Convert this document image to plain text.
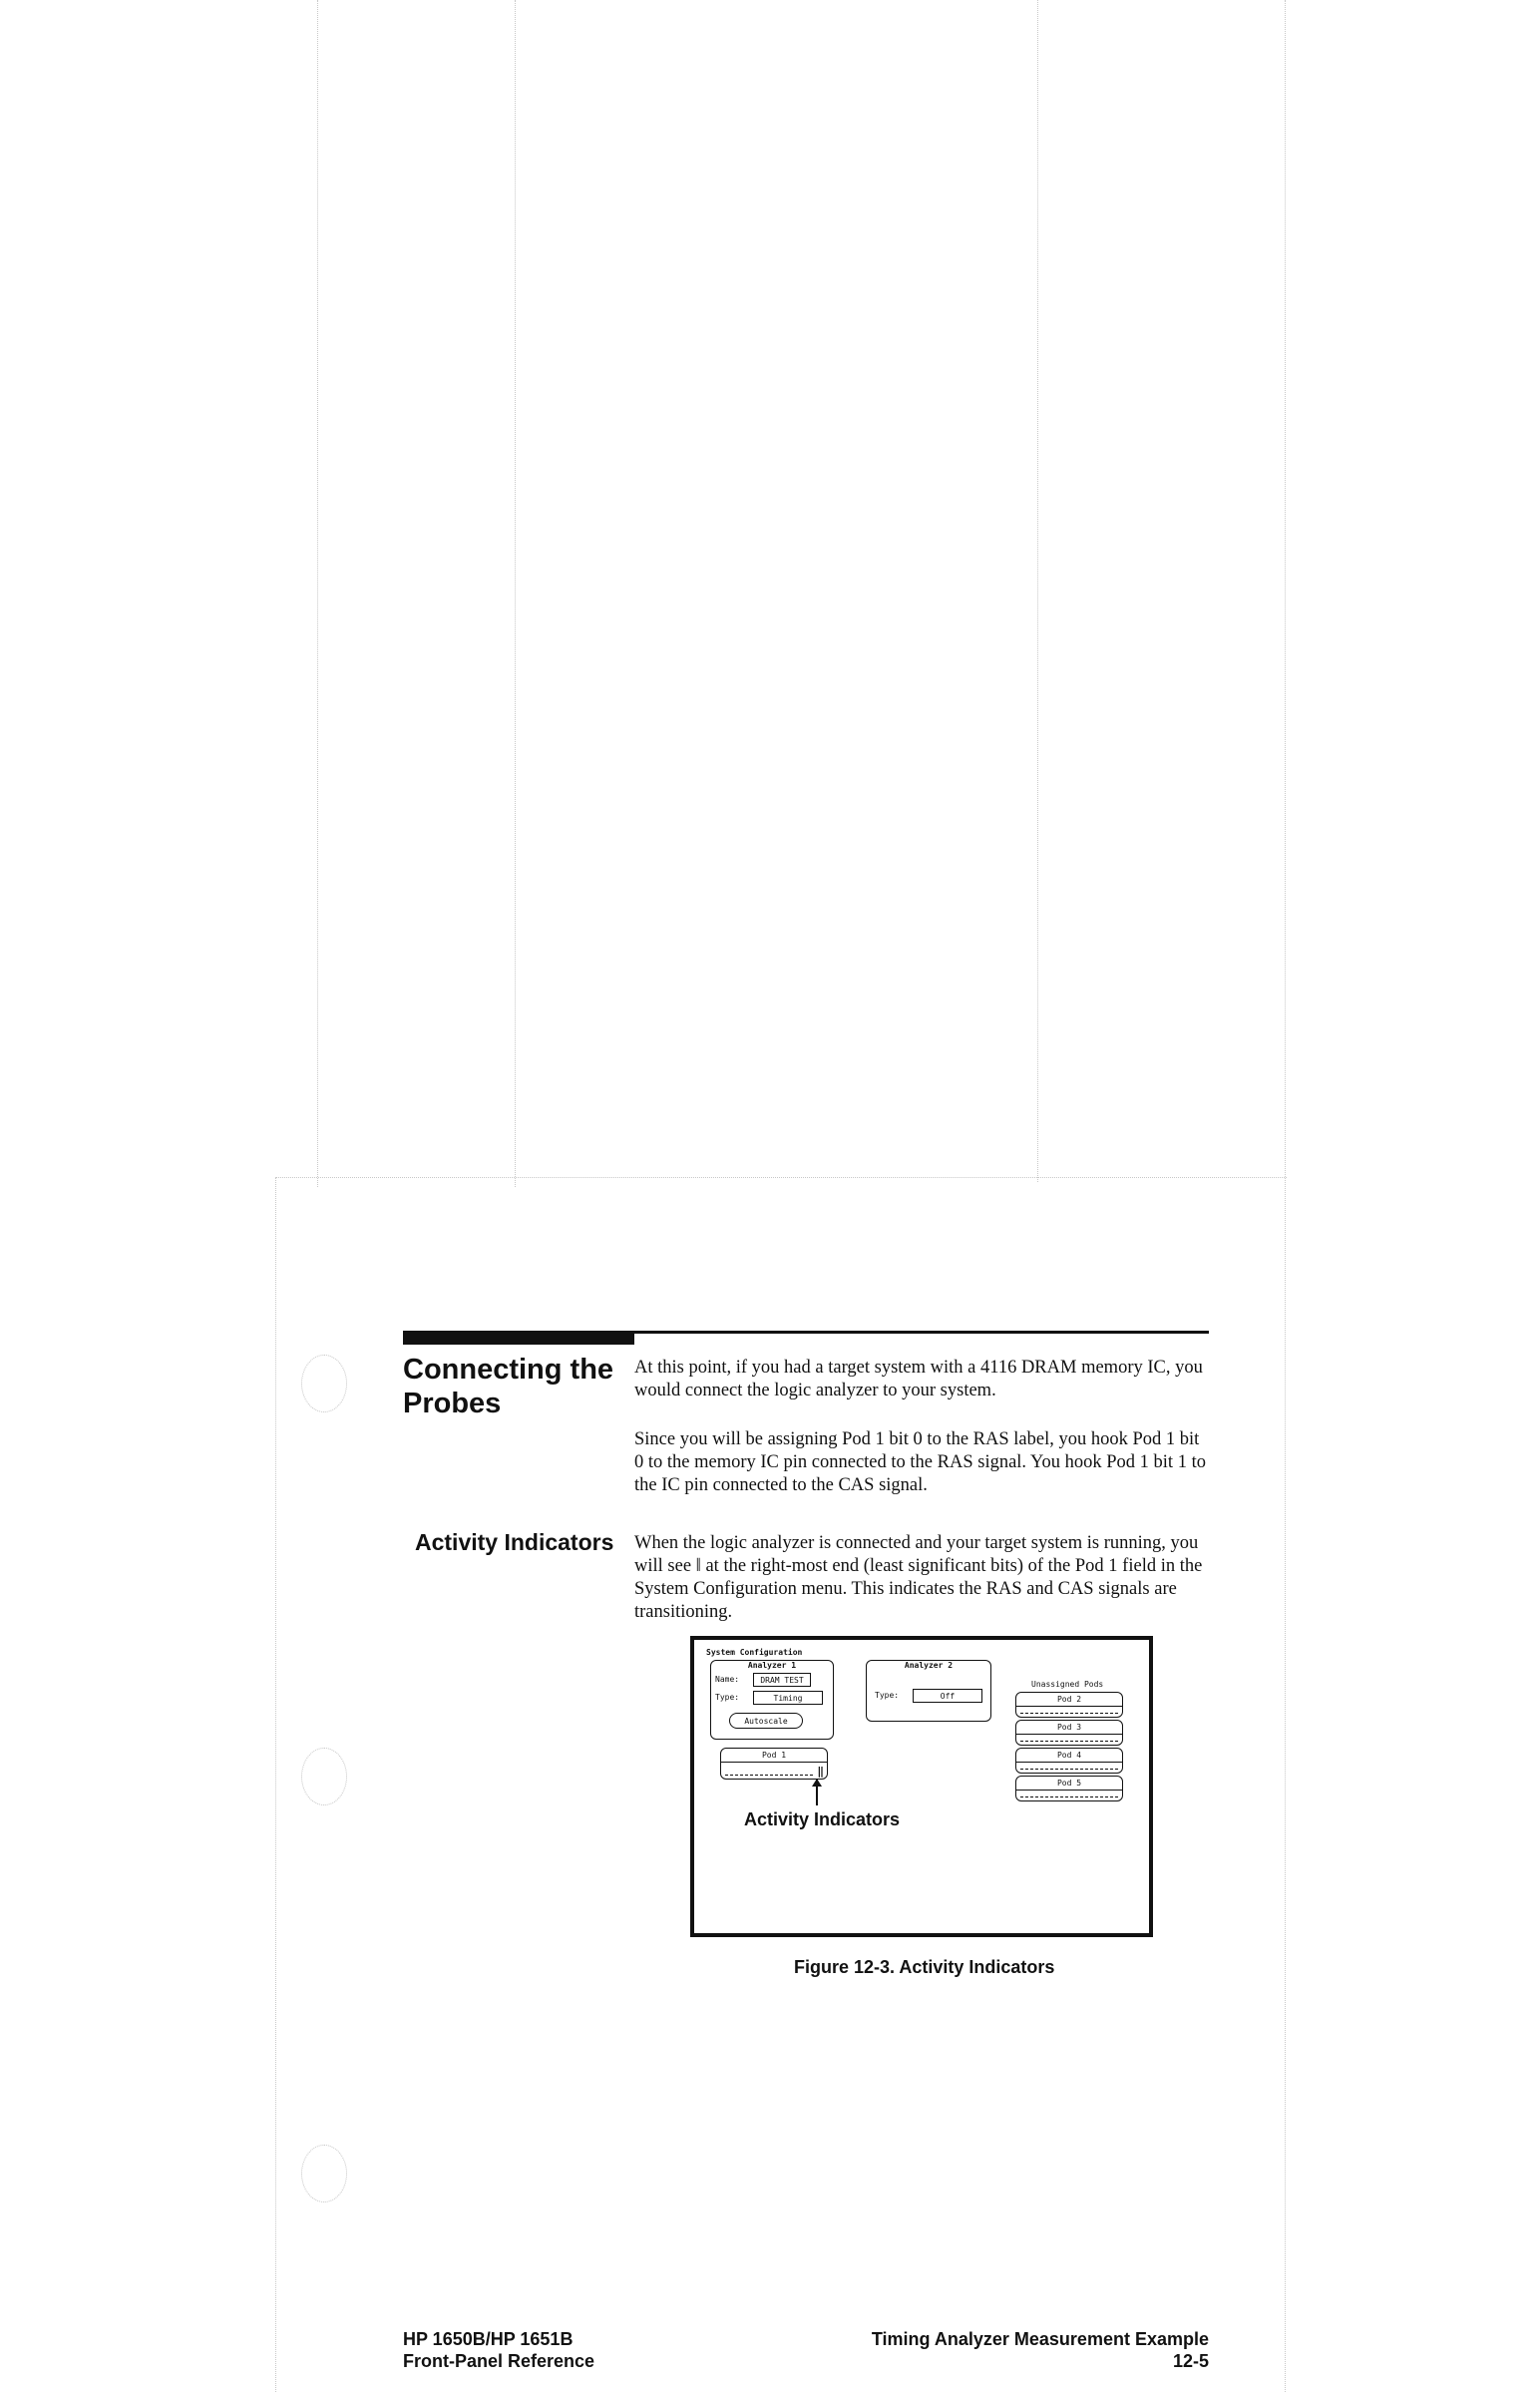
Connecting the
Probes

At this point, if you had a target system with a 4116 DRAM memory IC, you would connect the logic analyzer to your system.

Since you will be assigning Pod 1 bit 0 to the RAS label, you hook Pod 1 bit 0 to the memory IC pin connected to the RAS signal. You hook Pod 1 bit 1 to the IC pin connected to the CAS signal.

Activity Indicators When the logic analyzer is connected and your target system is running, you will see ‖ at the right-most end (least significant bits) of the Pod 1 field in the System Configuration menu. This indicates the RAS and CAS signals are transitioning.

System Configuration
Analyzer 1
Name:	DRAM TEST
Type:	Timing
Autoscale
Analyzer 2
Type:	Off
Pod 1
‖
Activity Indicators
Unassigned Pods
Pod 2
Pod 3
Pod 4
Pod 5
Figure 12-3. Activity Indicators
HP 1650B/HP 1651B
Front-Panel Reference
Timing Analyzer Measurement Example
12-5
